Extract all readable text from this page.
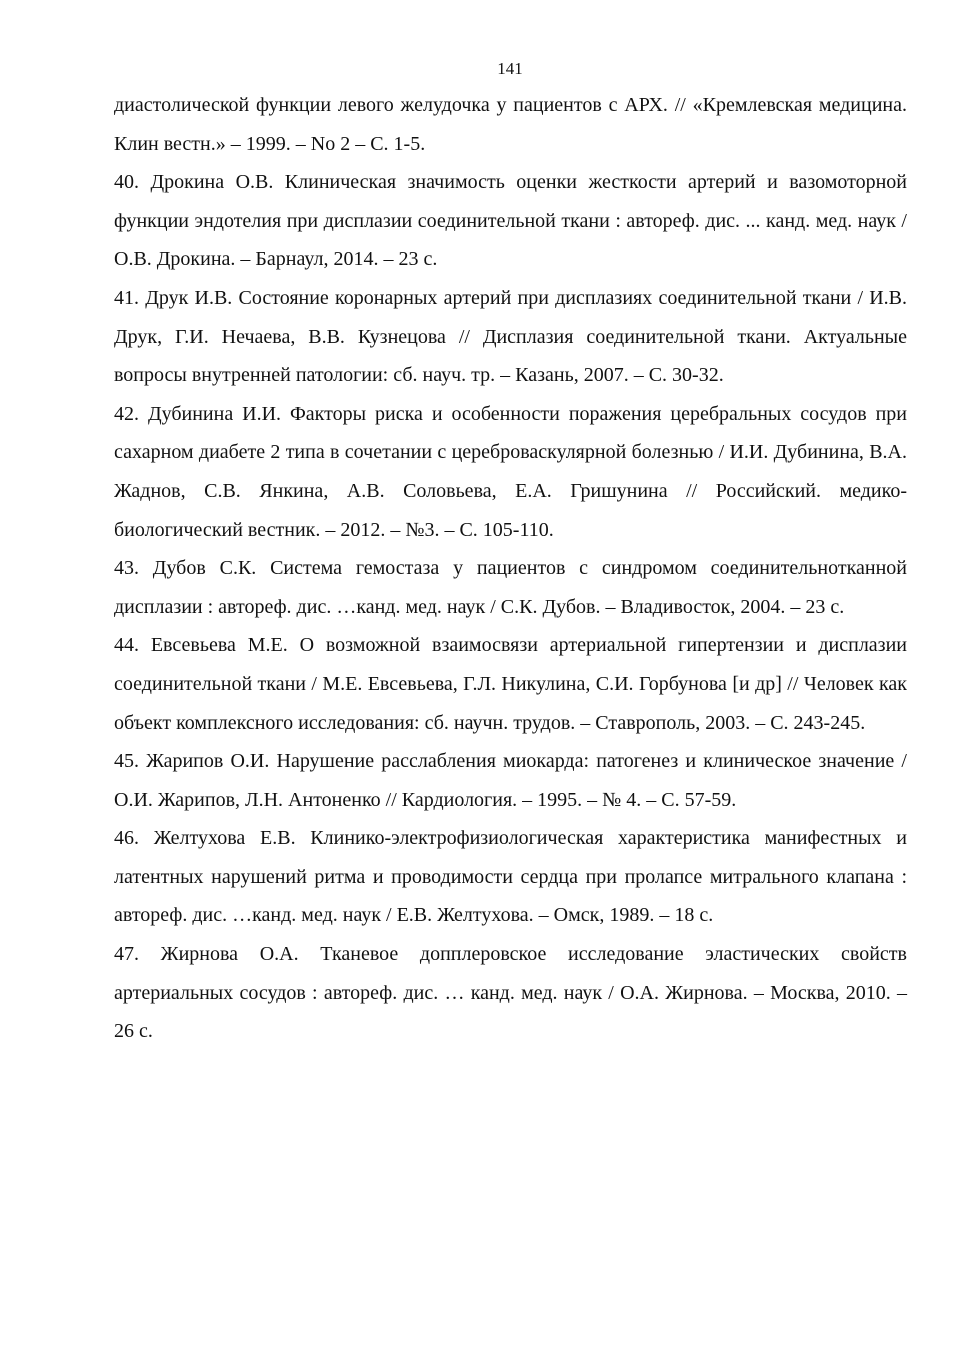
141

диастолической функции левого желудочка у пациентов с АРХ. // «Кремлевская медицина. Клин вестн.» – 1999. – No 2 – С. 1-5.

40. Дрокина О.В. Клиническая значимость оценки жесткости артерий и вазомоторной функции эндотелия при дисплазии соединительной ткани : автореф. дис. ... канд. мед. наук / О.В. Дрокина. – Барнаул, 2014. – 23 с.

41. Друк И.В. Состояние коронарных артерий при дисплазиях соединительной ткани / И.В. Друк, Г.И. Нечаева, В.В. Кузнецова // Дисплазия соединительной ткани. Актуальные вопросы внутренней патологии: сб. науч. тр. – Казань, 2007. – С. 30-32.

42. Дубинина И.И. Факторы риска и особенности поражения церебральных сосудов при сахарном диабете 2 типа в сочетании с цереброваскулярной болезнью / И.И. Дубинина, В.А. Жаднов, С.В. Янкина, А.В. Соловьева, Е.А. Гришунина // Российский. медико-биологический вестник. – 2012. – №3. – С. 105-110.

43. Дубов С.К. Система гемостаза у пациентов с синдромом соединительнотканной дисплазии : автореф. дис. …канд. мед. наук / С.К. Дубов. – Владивосток, 2004. – 23 с.

44. Евсевьева М.Е. О возможной взаимосвязи артериальной гипертензии и дисплазии соединительной ткани / М.Е. Евсевьева, Г.Л. Никулина, С.И. Горбунова [и др] // Человек как объект комплексного исследования: сб. научн. трудов. – Ставрополь, 2003. – С. 243-245.

45. Жарипов О.И. Нарушение расслабления миокарда: патогенез и клиническое значение / О.И. Жарипов, Л.Н. Антоненко // Кардиология. – 1995. – № 4. – С. 57-59.

46. Желтухова Е.В. Клинико-электрофизиологическая характеристика манифестных и латентных нарушений ритма и проводимости сердца при пролапсе митрального клапана : автореф. дис. …канд. мед. наук / Е.В. Желтухова. – Омск, 1989. – 18 с.

47. Жирнова О.А. Тканевое допплеровское исследование эластических свойств артериальных сосудов : автореф. дис. … канд. мед. наук / О.А. Жирнова. – Москва, 2010. – 26 с.
